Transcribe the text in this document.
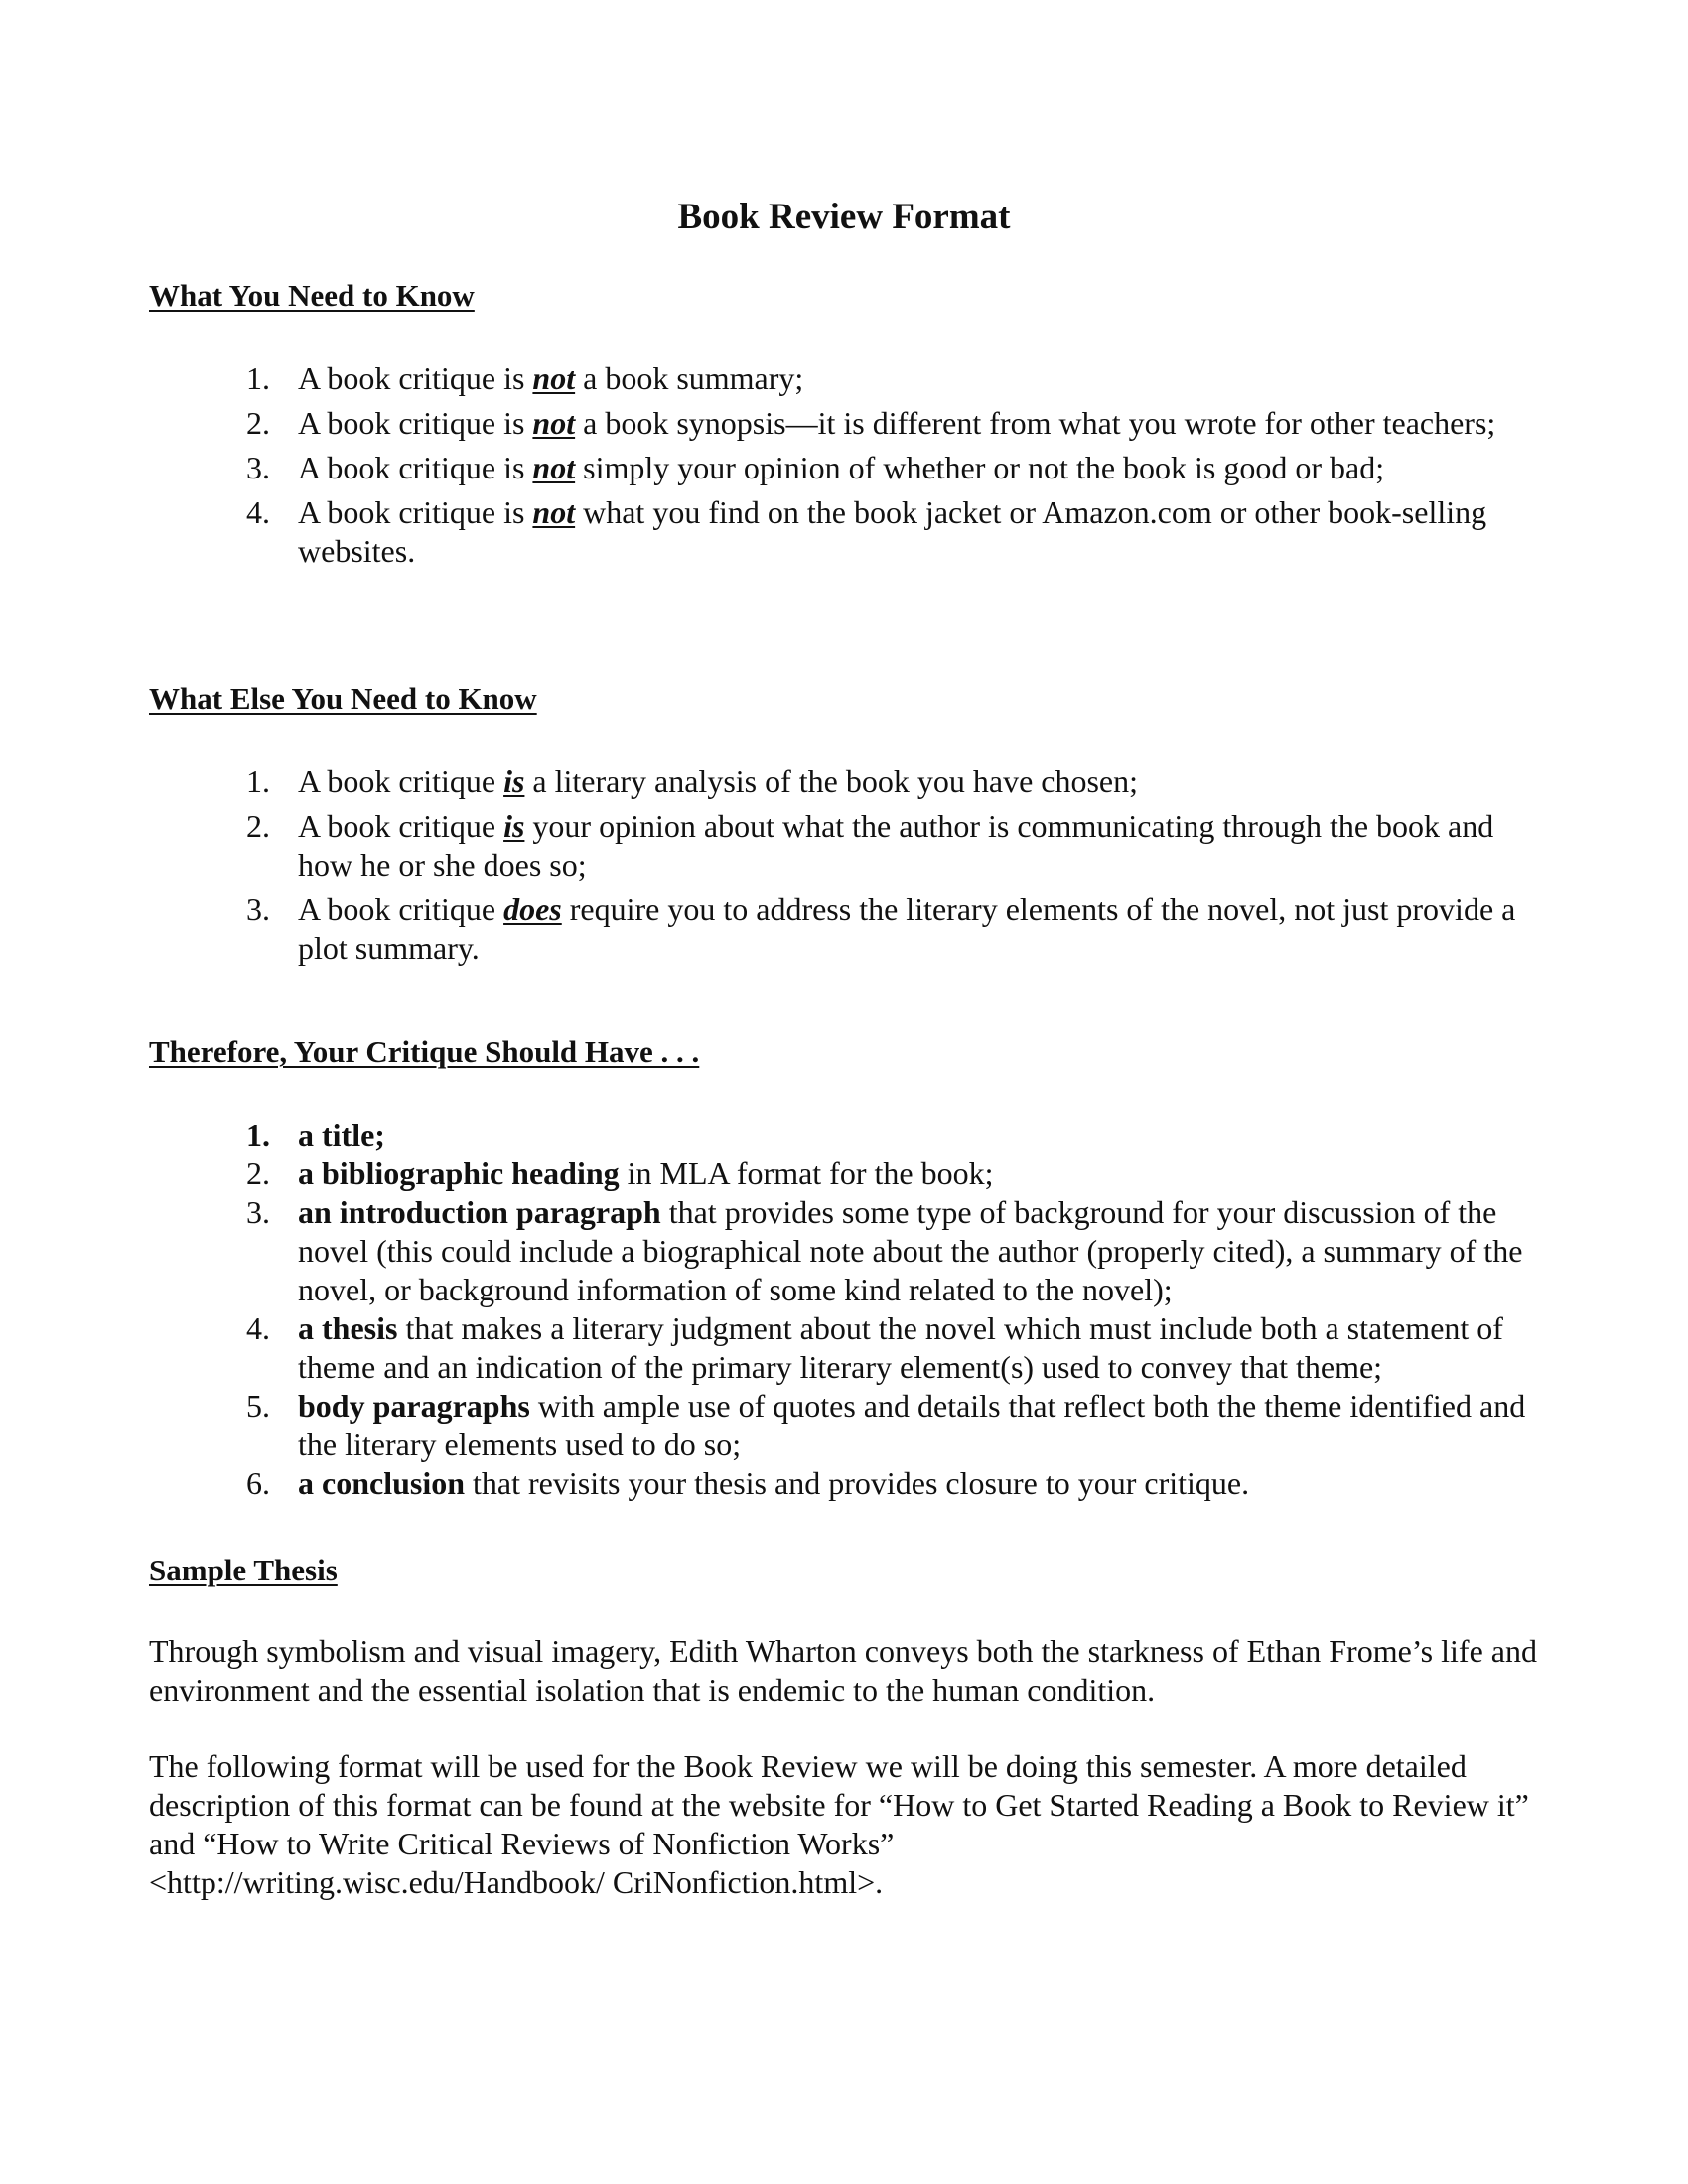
Book Review Format
What You Need to Know
1. A book critique is not a book summary;
2. A book critique is not a book synopsis—it is different from what you wrote for other teachers;
3. A book critique is not simply your opinion of whether or not the book is good or bad;
4. A book critique is not what you find on the book jacket or Amazon.com or other book-selling websites.
What Else You Need to Know
1. A book critique is a literary analysis of the book you have chosen;
2. A book critique is your opinion about what the author is communicating through the book and how he or she does so;
3. A book critique does require you to address the literary elements of the novel, not just provide a plot summary.
Therefore, Your Critique Should Have . . .
1. a title;
2. a bibliographic heading in MLA format for the book;
3. an introduction paragraph that provides some type of background for your discussion of the novel (this could include a biographical note about the author (properly cited), a summary of the novel, or background information of some kind related to the novel);
4. a thesis that makes a literary judgment about the novel which must include both a statement of theme and an indication of the primary literary element(s) used to convey that theme;
5. body paragraphs with ample use of quotes and details that reflect both the theme identified and the literary elements used to do so;
6. a conclusion that revisits your thesis and provides closure to your critique.
Sample Thesis

Through symbolism and visual imagery, Edith Wharton conveys both the starkness of Ethan Frome’s life and environment and the essential isolation that is endemic to the human condition.

The following format will be used for the Book Review we will be doing this semester. A more detailed description of this format can be found at the website for “How to Get Started Reading a Book to Review it” and “How to Write Critical Reviews of Nonfiction Works”
<http://writing.wisc.edu/Handbook/ CriNonfiction.html>.
